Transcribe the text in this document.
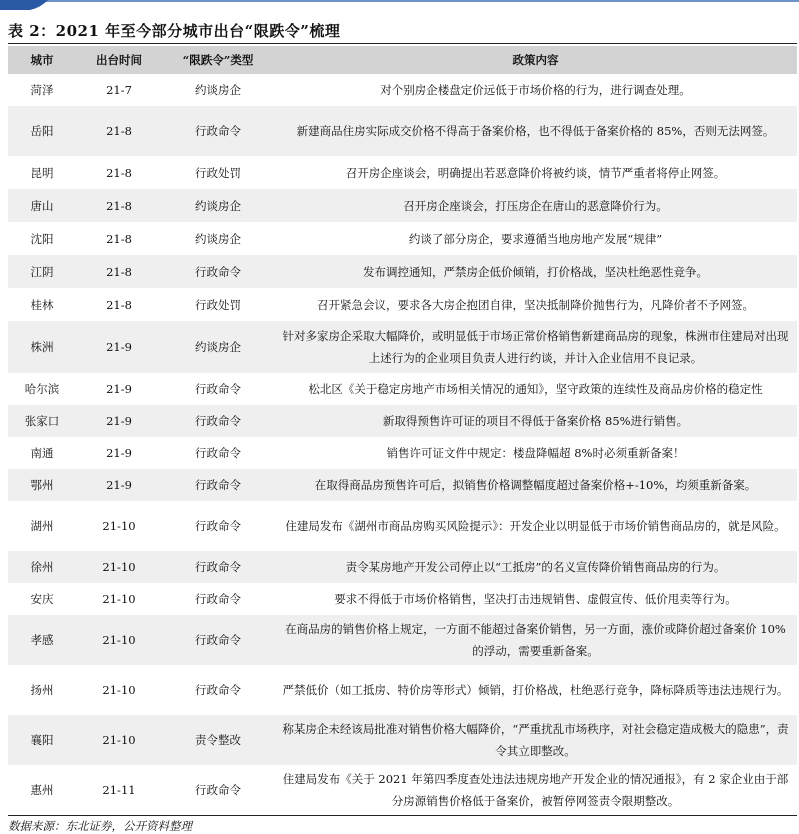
表 2：2021 年至今部分城市出台“限跌令”梳理
城市	出台时间	“限跌令”类型	政策内容
菏泽	21-7	约谈房企	对个别房企楼盘定价远低于市场价格的行为，进行调查处理。
岳阳	21-8	行政命令	新建商品住房实际成交价格不得高于备案价格，也不得低于备案价格的 85%，否则无法网签。
昆明	21-8	行政处罚	召开房企座谈会，明确提出若恶意降价将被约谈，情节严重者将停止网签。
唐山	21-8	约谈房企	召开房企座谈会，打压房企在唐山的恶意降价行为。
沈阳	21-8	约谈房企	约谈了部分房企，要求遵循当地房地产发展“规律”
江阴	21-8	行政命令	发布调控通知，严禁房企低价倾销，打价格战，坚决杜绝恶性竞争。
桂林	21-8	行政处罚	召开紧急会议，要求各大房企抱团自律，坚决抵制降价抛售行为，凡降价者不予网签。
株洲	21-9	约谈房企	针对多家房企采取大幅降价，或明显低于市场正常价格销售新建商品房的现象，株洲市住建局对出现上述行为的企业项目负责人进行约谈，并计入企业信用不良记录。
哈尔滨	21-9	行政命令	松北区《关于稳定房地产市场相关情况的通知》，坚守政策的连续性及商品房价格的稳定性
张家口	21-9	行政命令	新取得预售许可证的项目不得低于备案价格 85%进行销售。
南通	21-9	行政命令	销售许可证文件中规定：楼盘降幅超 8%时必须重新备案！
鄂州	21-9	行政命令	在取得商品房预售许可后，拟销售价格调整幅度超过备案价格+-10%，均须重新备案。
湖州	21-10	行政命令	住建局发布《湖州市商品房购买风险提示》：开发企业以明显低于市场价销售商品房的，就是风险。
徐州	21-10	行政命令	责令某房地产开发公司停止以“工抵房”的名义宣传降价销售商品房的行为。
安庆	21-10	行政命令	要求不得低于市场价格销售，坚决打击违规销售、虚假宣传、低价甩卖等行为。
孝感	21-10	行政命令	在商品房的销售价格上规定，一方面不能超过备案价销售，另一方面，涨价或降价超过备案价 10%的浮动，需要重新备案。
扬州	21-10	行政命令	严禁低价（如工抵房、特价房等形式）倾销，打价格战，杜绝恶行竞争，降标降质等违法违规行为。
襄阳	21-10	责令整改	称某房企未经该局批准对销售价格大幅降价，“严重扰乱市场秩序，对社会稳定造成极大的隐患”，责令其立即整改。
惠州	21-11	行政命令	住建局发布《关于 2021 年第四季度查处违法违规房地产开发企业的情况通报》，有 2 家企业由于部分房源销售价格低于备案价，被暂停网签责令限期整改。
数据来源：东北证券，公开资料整理
